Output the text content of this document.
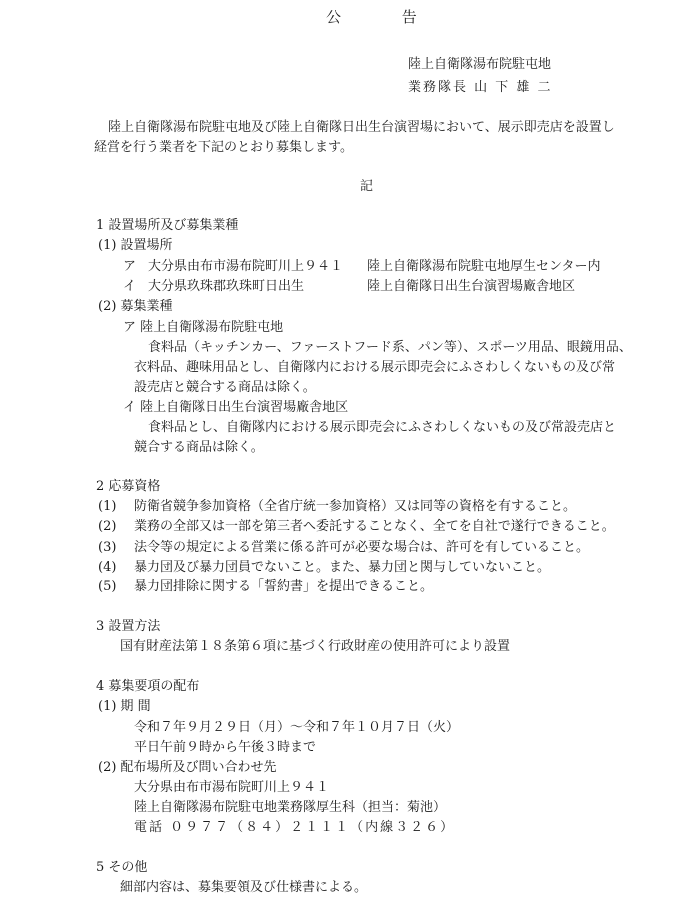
公 告
陸上自衛隊湯布院駐屯地
業務隊長 山 下 雄 二
陸上自衛隊湯布院駐屯地及び陸上自衛隊日出生台演習場において、展示即売店を設置し
経営を行う業者を下記のとおり募集します。
記
1 設置場所及び募集業種
(1) 設置場所
ア 大分県由布市湯布院町川上９４１ 陸上自衛隊湯布院駐屯地厚生センター内
イ 大分県玖珠郡玖珠町日出生	陸上自衛隊日出生台演習場廠舎地区
(2) 募集業種
ア 陸上自衛隊湯布院駐屯地
食料品（キッチンカー、ファーストフード系、パン等）、スポーツ用品、眼鏡用品、
衣料品、趣味用品とし、自衛隊内における展示即売会にふさわしくないもの及び常
設売店と競合する商品は除く。
イ 陸上自衛隊日出生台演習場廠舎地区
食料品とし、自衛隊内における展示即売会にふさわしくないもの及び常設売店と
競合する商品は除く。
2 応募資格
(1) 防衛省競争参加資格（全省庁統一参加資格）又は同等の資格を有すること。
(2) 業務の全部又は一部を第三者へ委託することなく、全てを自社で遂行できること。
(3) 法令等の規定による営業に係る許可が必要な場合は、許可を有していること。
(4) 暴力団及び暴力団員でないこと。また、暴力団と関与していないこと。
(5) 暴力団排除に関する「誓約書」を提出できること。
3 設置方法
国有財産法第１８条第６項に基づく行政財産の使用許可により設置
4 募集要項の配布
(1) 期 間
令和７年９月２９日（月）～令和７年１０月７日（火）
平日午前９時から午後３時まで
(2) 配布場所及び問い合わせ先
大分県由布市湯布院町川上９４１
陸上自衛隊湯布院駐屯地業務隊厚生科（担当：菊池）
電話 ０９７７（８４）２１１１（内線３２６）
5 その他
細部内容は、募集要領及び仕様書による。
